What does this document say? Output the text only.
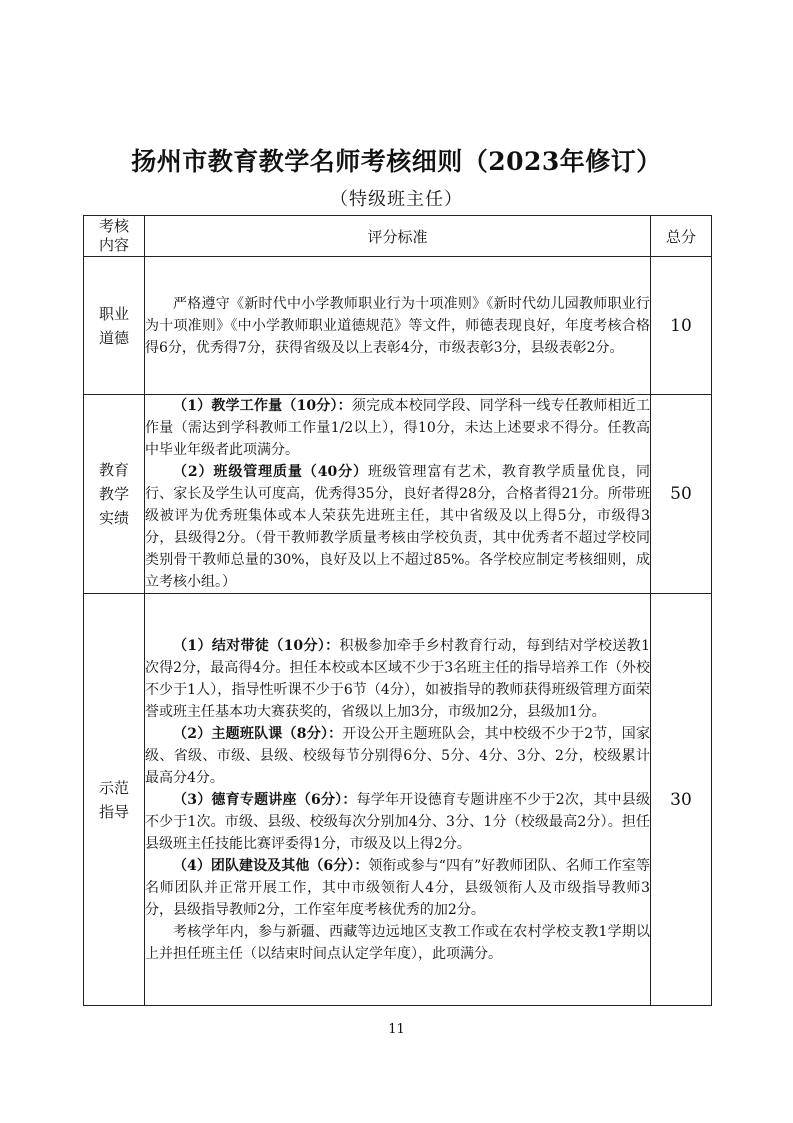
扬州市教育教学名师考核细则（2023年修订）
（特级班主任）
考核内容	评分标准	总分

职业道德	严格遵守《新时代中小学教师职业行为十项准则》《新时代幼儿园教师职业行为十项准则》《中小学教师职业道德规范》等文件，师德表现良好，年度考核合格得6分，优秀得7分，获得省级及以上表彰4分，市级表彰3分，县级表彰2分。	10

教育教学实绩	（1）教学工作量（10分）：须完成本校同学段、同学科一线专任教师相近工作量（需达到学科教师工作量1/2以上），得10分，未达上述要求不得分。任教高中毕业年级者此项满分。

（2）班级管理质量（40分）班级管理富有艺术，教育教学质量优良，同行、家长及学生认可度高，优秀得35分，良好者得28分，合格者得21分。所带班级被评为优秀班集体或本人荣获先进班主任，其中省级及以上得5分，市级得3分，县级得2分。（骨干教师教学质量考核由学校负责，其中优秀者不超过学校同类别骨干教师总量的30%，良好及以上不超过85%。各学校应制定考核细则，成立考核小组。）	50

示范指导	（1）结对带徒（10分）：积极参加牵手乡村教育行动，每到结对学校送教1次得2分，最高得4分。担任本校或本区域不少于3名班主任的指导培养工作（外校不少于1人），指导性听课不少于6节（4分），如被指导的教师获得班级管理方面荣誉或班主任基本功大赛获奖的，省级以上加3分，市级加2分，县级加1分。

（2）主题班队课（8分）：开设公开主题班队会，其中校级不少于2节，国家级、省级、市级、县级、校级每节分别得6分、5分、4分、3分、2分，校级累计最高分4分。

（3）德育专题讲座（6分）：每学年开设德育专题讲座不少于2次，其中县级不少于1次。市级、县级、校级每次分别加4分、3分、1分（校级最高2分）。担任县级班主任技能比赛评委得1分，市级及以上得2分。

（4）团队建设及其他（6分）：领衔或参与“四有”好教师团队、名师工作室等名师团队并正常开展工作，其中市级领衔人4分，县级领衔人及市级指导教师3分，县级指导教师2分，工作室年度考核优秀的加2分。

考核学年内，参与新疆、西藏等边远地区支教工作或在农村学校支教1学期以上并担任班主任（以结束时间点认定学年度），此项满分。	30
11
